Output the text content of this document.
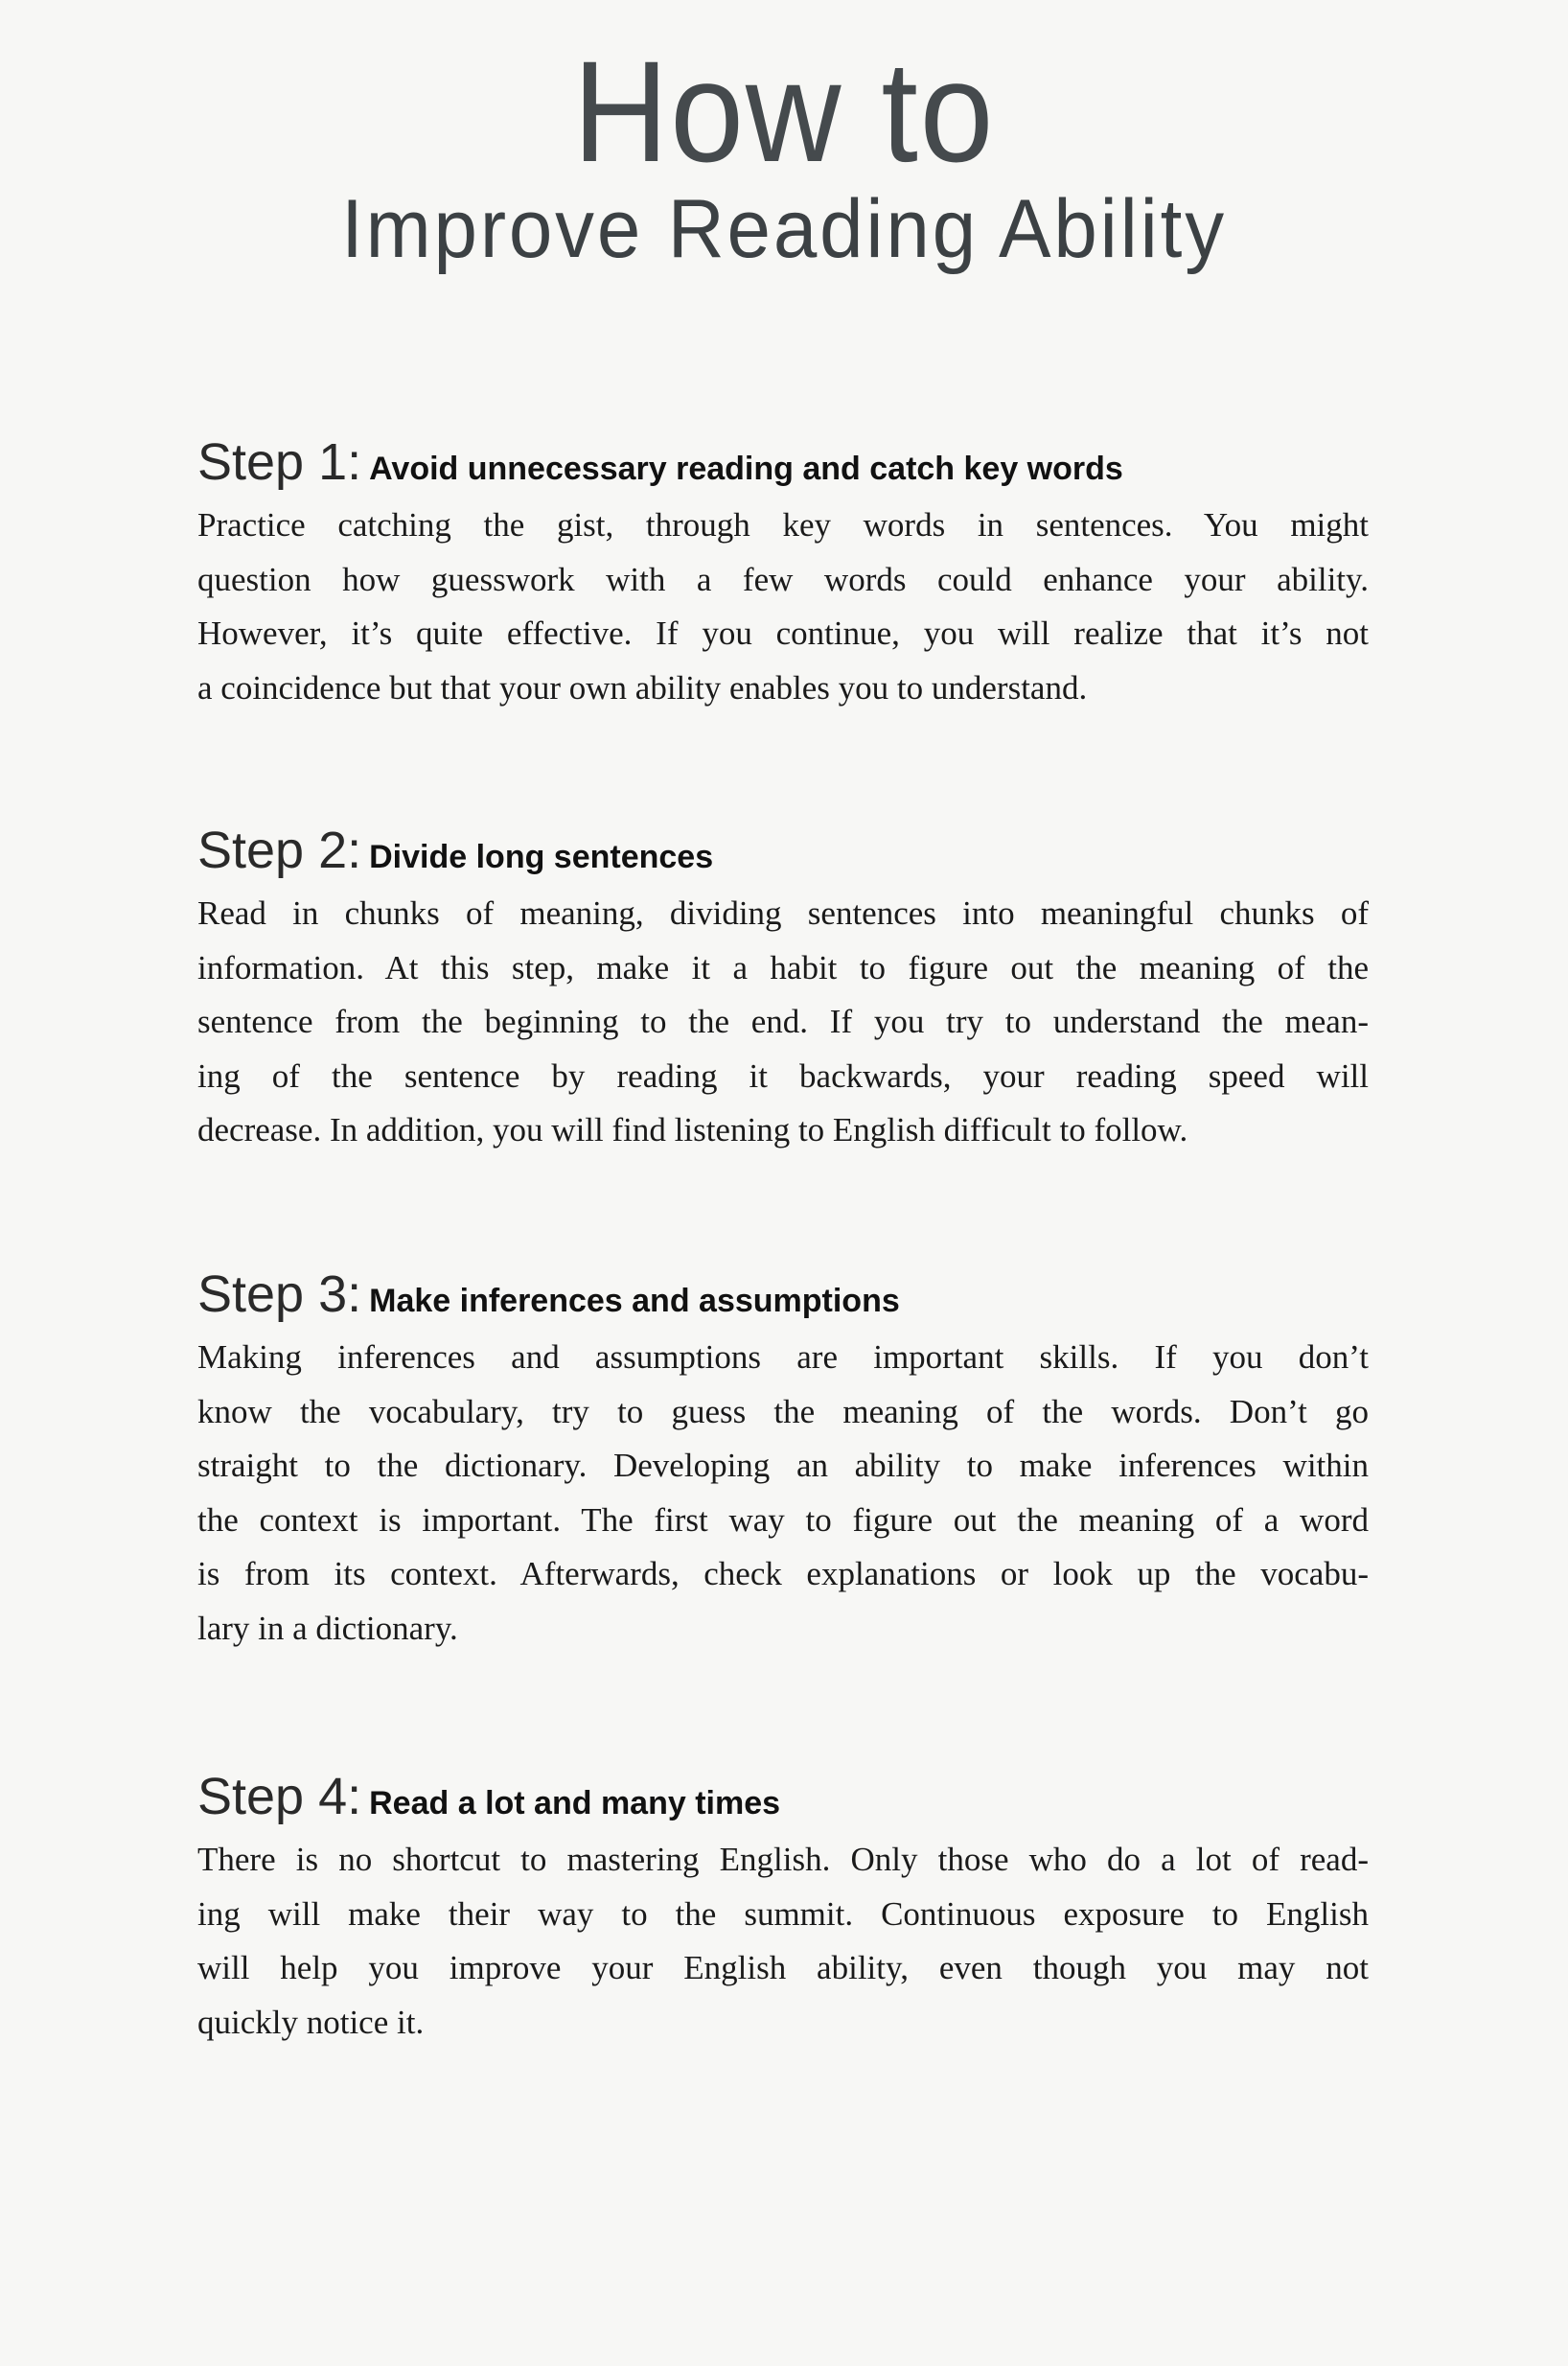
How to
Improve Reading Ability
Step 1: Avoid unnecessary reading and catch key words
Practice catching the gist, through key words in sentences. You might
question how guesswork with a few words could enhance your ability.
However, it’s quite effective. If you continue, you will realize that it’s not
a coincidence but that your own ability enables you to understand.
Step 2: Divide long sentences
Read in chunks of meaning, dividing sentences into meaningful chunks of
information. At this step, make it a habit to figure out the meaning of the
sentence from the beginning to the end. If you try to understand the mean-
ing of the sentence by reading it backwards, your reading speed will
decrease. In addition, you will find listening to English difficult to follow.
Step 3: Make inferences and assumptions
Making inferences and assumptions are important skills. If you don’t
know the vocabulary, try to guess the meaning of the words. Don’t go
straight to the dictionary. Developing an ability to make inferences within
the context is important. The first way to figure out the meaning of a word
is from its context. Afterwards, check explanations or look up the vocabu-
lary in a dictionary.
Step 4: Read a lot and many times
There is no shortcut to mastering English. Only those who do a lot of read-
ing will make their way to the summit. Continuous exposure to English
will help you improve your English ability, even though you may not
quickly notice it.
